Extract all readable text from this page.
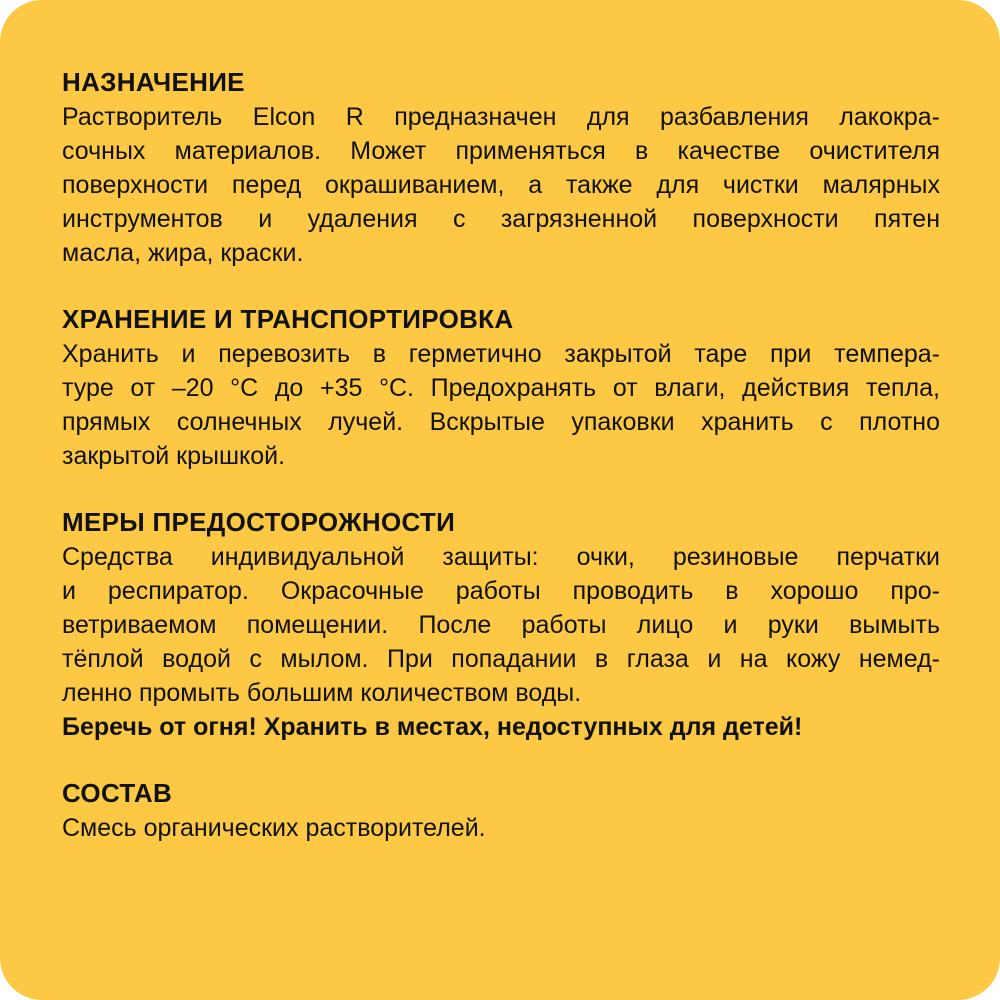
НАЗНАЧЕНИЕ
Растворитель Elcon R предназначен для разбавления лакокра-
сочных материалов. Может применяться в качестве очистителя
поверхности перед окрашиванием, а также для чистки малярных
инструментов и удаления с загрязненной поверхности пятен
масла, жира, краски.
ХРАНЕНИЕ И ТРАНСПОРТИРОВКА
Хранить и перевозить в герметично закрытой таре при темпера-
туре от –20 °С до +35 °С. Предохранять от влаги, действия тепла,
прямых солнечных лучей. Вскрытые упаковки хранить с плотно
закрытой крышкой.
МЕРЫ ПРЕДОСТОРОЖНОСТИ
Средства индивидуальной защиты: очки, резиновые перчатки
и респиратор. Окрасочные работы проводить в хорошо про-
ветриваемом помещении. После работы лицо и руки вымыть
тёплой водой с мылом. При попадании в глаза и на кожу немед-
ленно промыть большим количеством воды.
Беречь от огня! Хранить в местах, недоступных для детей!
СОСТАВ
Смесь органических растворителей.
